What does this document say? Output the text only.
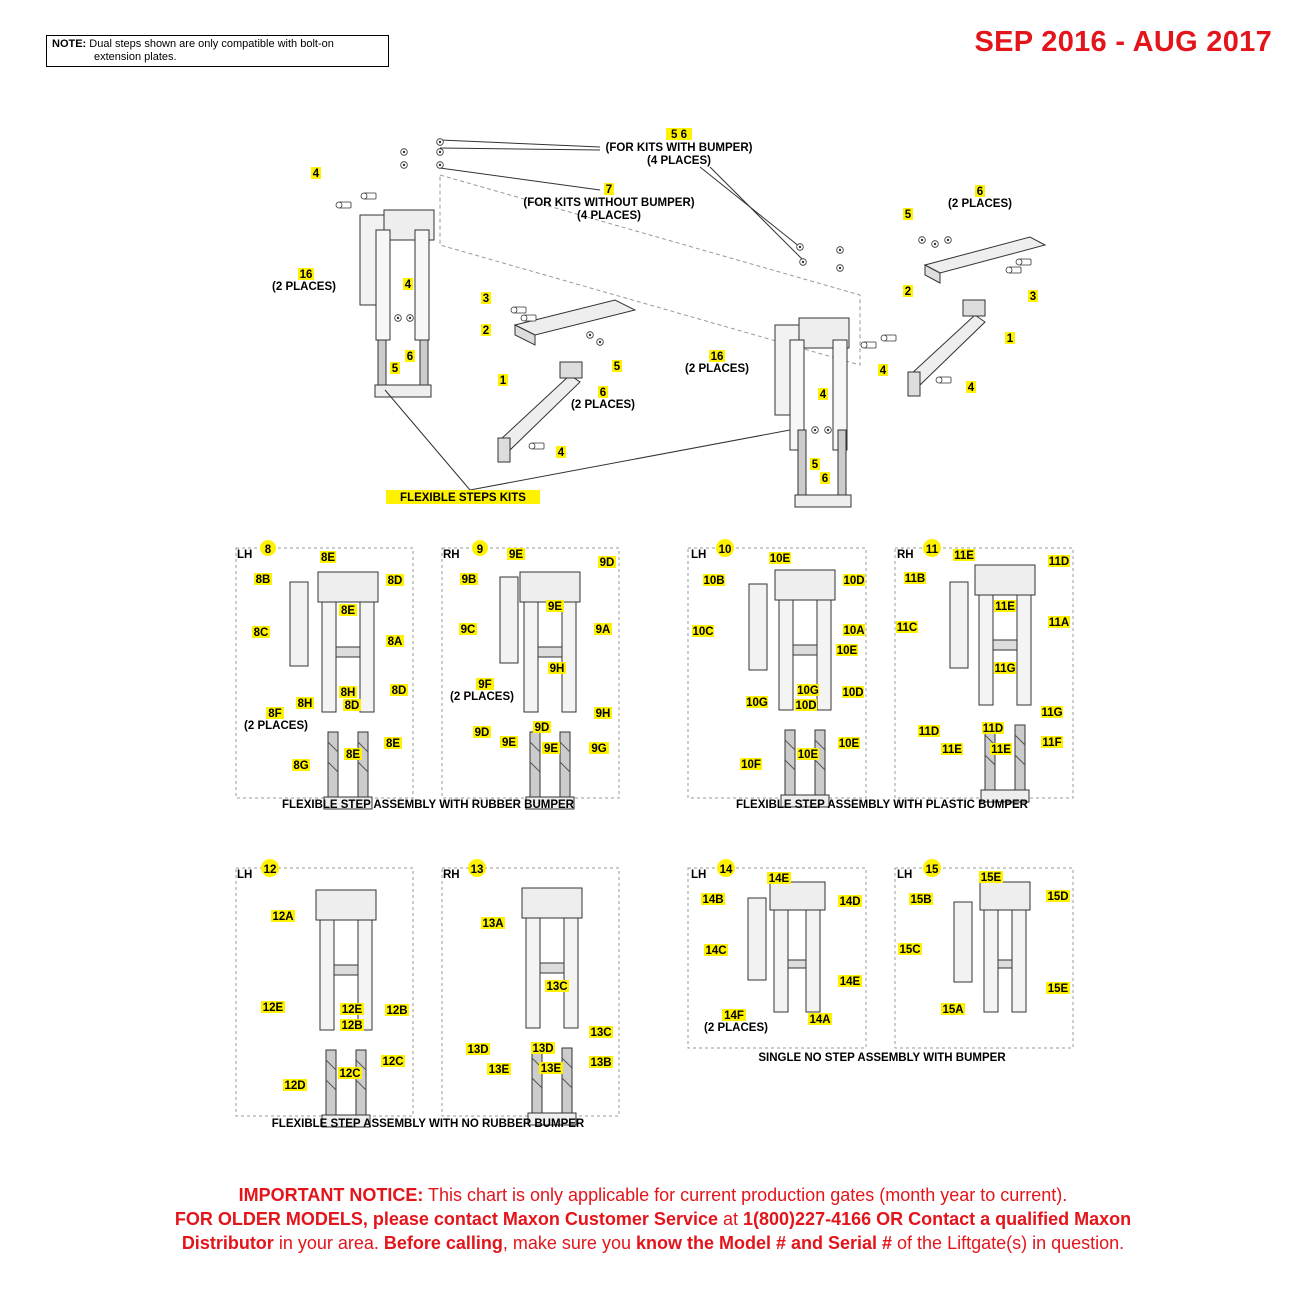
NOTE: Dual steps shown are only compatible with bolt-on
extension plates.	SEP 2016 - AUG 2017
5 6
(FOR KITS WITH BUMPER)
(4 PLACES)
7
(FOR KITS WITHOUT BUMPER)
(4 PLACES)
4
16
(2 PLACES)	4
5
6
3
2
5
1
6
(2 PLACES)
4
FLEXIBLE STEPS KITS
16
(2 PLACES)
4
4
5
6
6
(2 PLACES)
5
2	3
1
4
LH 8	RH 9	LH 10	RH 11
LH 12	RH 13	LH 14	LH 15
8E
8B	8D
8E
8C
8A
8H	8D
8H	8D
8F
(2 PLACES)
8E
8E
8G
9E
9D
9B
9E
9A
9C
9H
9F
(2 PLACES)
9H
9D
9D
9E 9E	9G
10E
10B	10D
10C	10A
10E
10G 10D
10G 10D
10E
10E
10F
11E	11D
11B
11E
11A
11C
11G
11G
11D
11D
11F
11E	11E
12A
12E	12E 12B
12B
12C
12C
12D
13A
13C
13C
13D	13D
13B
13E	13E
14E
14B	14D
14C
14E
14F
(2 PLACES)
14A
15E
15D
15B
15C
15E
15A
FLEXIBLE STEP ASSEMBLY WITH RUBBER BUMPER	FLEXIBLE STEP ASSEMBLY WITH PLASTIC BUMPER
FLEXIBLE STEP ASSEMBLY WITH NO RUBBER BUMPER
SINGLE NO STEP ASSEMBLY WITH BUMPER
IMPORTANT NOTICE: This chart is only applicable for current production gates (month year to current).
FOR OLDER MODELS, please contact Maxon Customer Service at 1(800)227-4166 OR Contact a qualified Maxon
Distributor in your area. Before calling, make sure you know the Model # and Serial # of the Liftgate(s) in question.
